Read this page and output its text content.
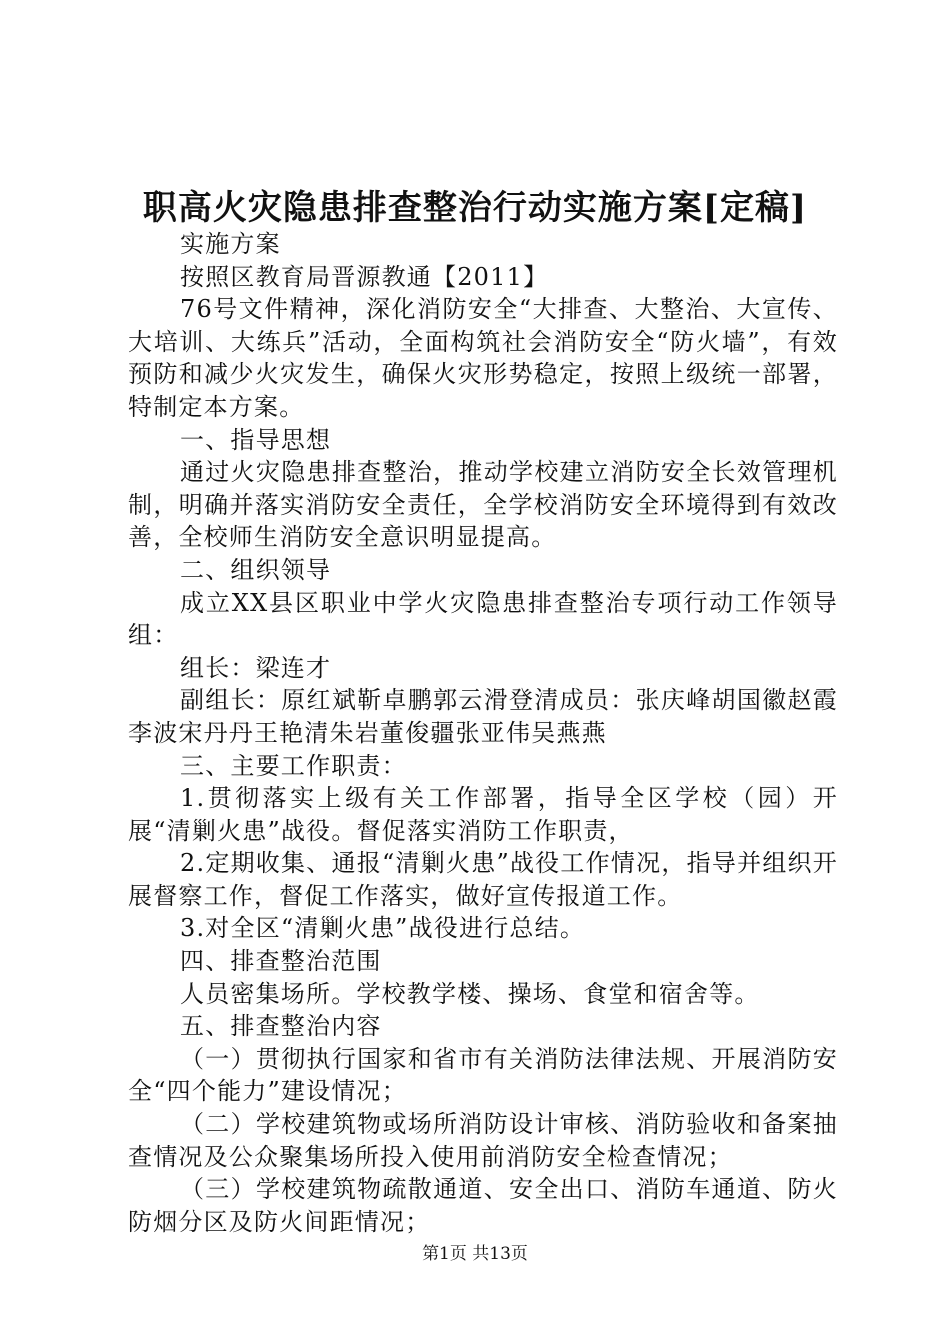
职高火灾隐患排查整治行动实施方案[定稿]

实施方案

按照区教育局晋源教通【2011】

76号文件精神，深化消防安全“大排查、大整治、大宣传、大培训、大练兵”活动，全面构筑社会消防安全“防火墙”，有效预防和减少火灾发生，确保火灾形势稳定，按照上级统一部署，特制定本方案。

一、指导思想

通过火灾隐患排查整治，推动学校建立消防安全长效管理机制，明确并落实消防安全责任，全学校消防安全环境得到有效改善，全校师生消防安全意识明显提高。

二、组织领导

成立XX县区职业中学火灾隐患排查整治专项行动工作领导组：

组长：梁连才

副组长：原红斌靳卓鹏郭云滑登清成员：张庆峰胡国徽赵霞李波宋丹丹王艳清朱岩董俊疆张亚伟吴燕燕

三、主要工作职责：

1.贯彻落实上级有关工作部署，指导全区学校（园）开展“清剿火患”战役。督促落实消防工作职责，

2.定期收集、通报“清剿火患”战役工作情况，指导并组织开展督察工作，督促工作落实，做好宣传报道工作。

3.对全区“清剿火患”战役进行总结。

四、排查整治范围

人员密集场所。学校教学楼、操场、食堂和宿舍等。

五、排查整治内容

（一）贯彻执行国家和省市有关消防法律法规、开展消防安全“四个能力”建设情况；

（二）学校建筑物或场所消防设计审核、消防验收和备案抽查情况及公众聚集场所投入使用前消防安全检查情况；

（三）学校建筑物疏散通道、安全出口、消防车通道、防火防烟分区及防火间距情况；

第1页 共13页
